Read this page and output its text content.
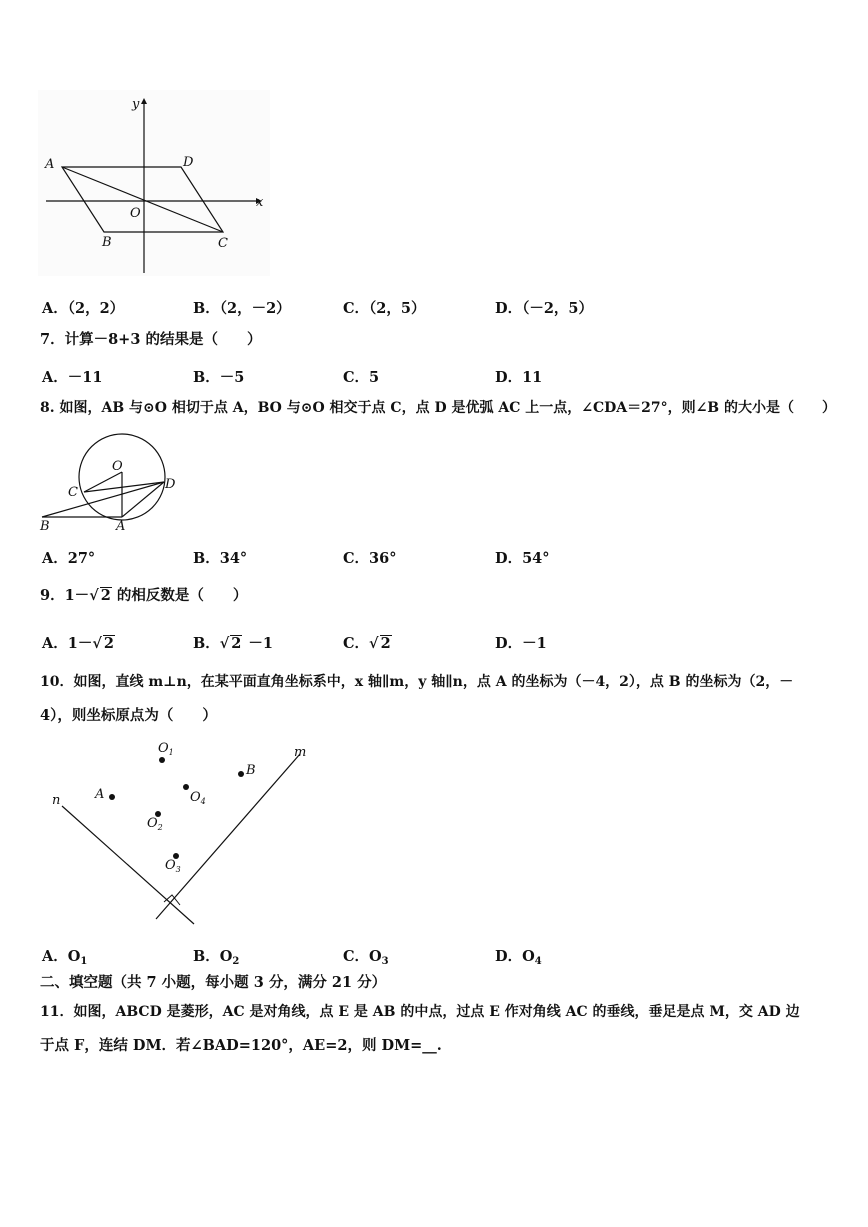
y
x
A	D
O
B	C
A．（2，2）	B．（2，－2）	C．（2，5）	D．（－2，5）
7．计算－8+3 的结果是（　　）
A．－11	B．－5	C．5	D．11
8. 如图，AB 与⊙O 相切于点 A，BO 与⊙O 相交于点 C，点 D 是优弧 AC 上一点，∠CDA＝27°，则∠B 的大小是（　　）
O
C
D
B	A
A．27°	B．34°	C．36°	D．54°
9．1－√ 2 的相反数是（　　）
A．1－√ 2	B．√ 2 －1	C．√ 2	D．－1
10．如图，直线 m⊥n，在某平面直角坐标系中，x 轴∥m，y 轴∥n，点 A 的坐标为（－4，2），点 B 的坐标为（2，－
4），则坐标原点为（　　）
m
n
$O_1$
B
A	$O_4$
$O_2$
$O_3$
A．$O_1$	B．$O_2$	C．$O_3$	D．$O_4$
二、填空题（共 7 小题，每小题 3 分，满分 21 分）
11．如图，ABCD 是菱形，AC 是对角线，点 E 是 AB 的中点，过点 E 作对角线 AC 的垂线，垂足是点 M，交 AD 边
于点 F，连结 DM．若∠BAD=120°，AE=2，则 DM=__.
